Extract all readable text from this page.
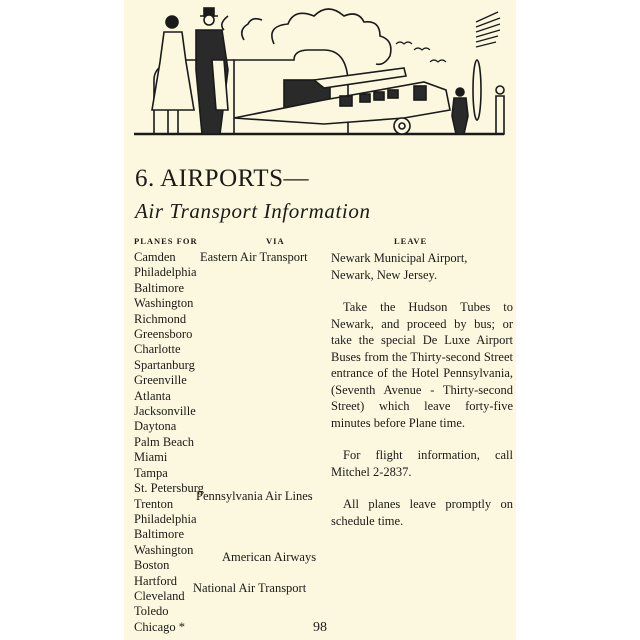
6. AIRPORTS—
Air Transport Information
PLANES FOR	VIA	LEAVE
Camden
Philadelphia
Baltimore
Washington
Richmond
Greensboro
Charlotte
Spartanburg
Greenville
Atlanta
Jacksonville
Daytona
Palm Beach
Miami
Tampa
St. Petersburg
Trenton
Philadelphia
Baltimore
Washington
Boston
Hartford
Cleveland
Toledo
Chicago *
Eastern Air Transport
Pennsylvania Air Lines
American Airways
National Air Transport

Newark Municipal Airport, Newark, New Jersey.

Take the Hudson Tubes to Newark, and proceed by bus; or take the special De Luxe Airport Buses from the Thirty-second Street entrance of the Hotel Pennsylvania, (Seventh Avenue - Thirty-second Street) which leave forty-five minutes before Plane time.

For flight information, call Mitchel 2-2837.

All planes leave promptly on schedule time.

98
